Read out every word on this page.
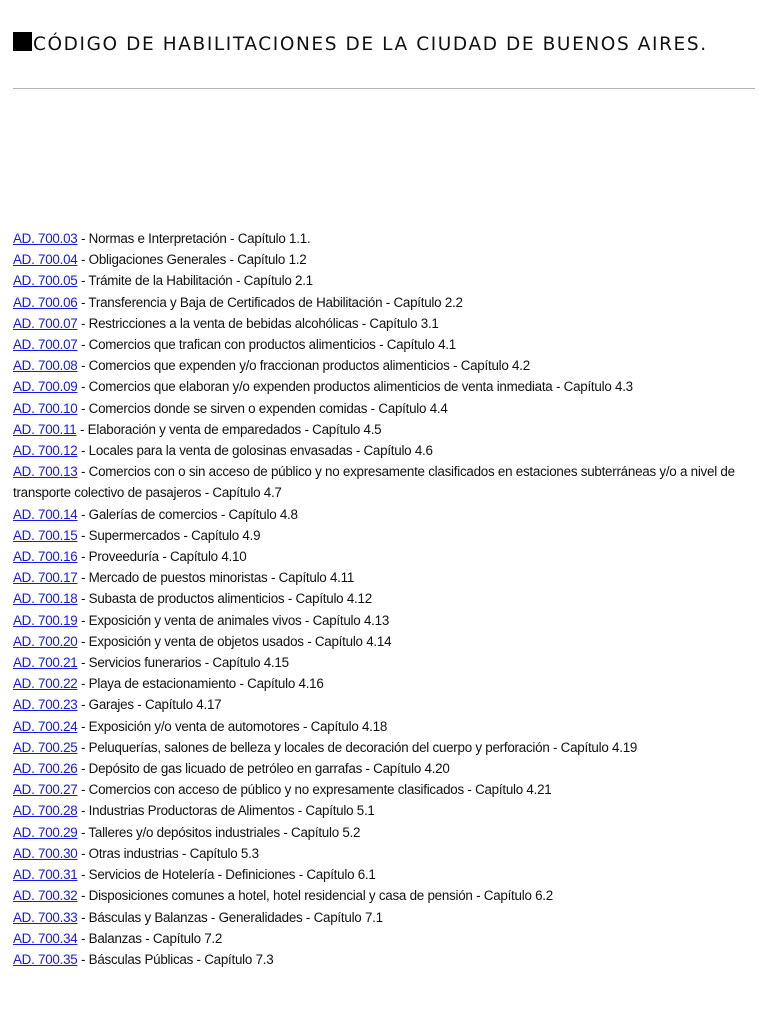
CÓDIGO DE HABILITACIONES DE LA CIUDAD DE BUENOS AIRES.
AD. 700.03 - Normas e Interpretación - Capítulo 1.1.
AD. 700.04 - Obligaciones Generales - Capítulo 1.2
AD. 700.05 - Trámite de la Habilitación - Capítulo 2.1
AD. 700.06 - Transferencia y Baja de Certificados de Habilitación - Capítulo 2.2
AD. 700.07 - Restricciones a la venta de bebidas alcohólicas - Capítulo 3.1
AD. 700.07 - Comercios que trafican con productos alimenticios - Capítulo 4.1
AD. 700.08 - Comercios que expenden y/o fraccionan productos alimenticios - Capítulo 4.2
AD. 700.09 - Comercios que elaboran y/o expenden productos alimenticios de venta inmediata - Capítulo 4.3
AD. 700.10 - Comercios donde se sirven o expenden comidas - Capítulo 4.4
AD. 700.11 - Elaboración y venta de emparedados - Capítulo 4.5
AD. 700.12 - Locales para la venta de golosinas envasadas - Capítulo 4.6
AD. 700.13 - Comercios con o sin acceso de público y no expresamente clasificados en estaciones subterráneas y/o a nivel de transporte colectivo de pasajeros - Capítulo 4.7
AD. 700.14 - Galerías de comercios - Capítulo 4.8
AD. 700.15 - Supermercados - Capítulo 4.9
AD. 700.16 - Proveeduría - Capítulo 4.10
AD. 700.17 - Mercado de puestos minoristas - Capítulo 4.11
AD. 700.18 - Subasta de productos alimenticios - Capítulo 4.12
AD. 700.19 - Exposición y venta de animales vivos - Capítulo 4.13
AD. 700.20 - Exposición y venta de objetos usados - Capítulo 4.14
AD. 700.21 - Servicios funerarios - Capítulo 4.15
AD. 700.22 - Playa de estacionamiento - Capítulo 4.16
AD. 700.23 - Garajes - Capítulo 4.17
AD. 700.24 - Exposición y/o venta de automotores - Capítulo 4.18
AD. 700.25 - Peluquerías, salones de belleza y locales de decoración del cuerpo y perforación - Capítulo 4.19
AD. 700.26 - Depósito de gas licuado de petróleo en garrafas - Capítulo 4.20
AD. 700.27 - Comercios con acceso de público y no expresamente clasificados - Capítulo 4.21
AD. 700.28 - Industrias Productoras de Alimentos - Capítulo 5.1
AD. 700.29 - Talleres y/o depósitos industriales - Capítulo 5.2
AD. 700.30 - Otras industrias - Capítulo 5.3
AD. 700.31 - Servicios de Hotelería - Definiciones - Capítulo 6.1
AD. 700.32 - Disposiciones comunes a hotel, hotel residencial y casa de pensión - Capítulo 6.2
AD. 700.33 - Básculas y Balanzas - Generalidades - Capítulo 7.1
AD. 700.34 - Balanzas - Capítulo 7.2
AD. 700.35 - Básculas Públicas - Capítulo 7.3
